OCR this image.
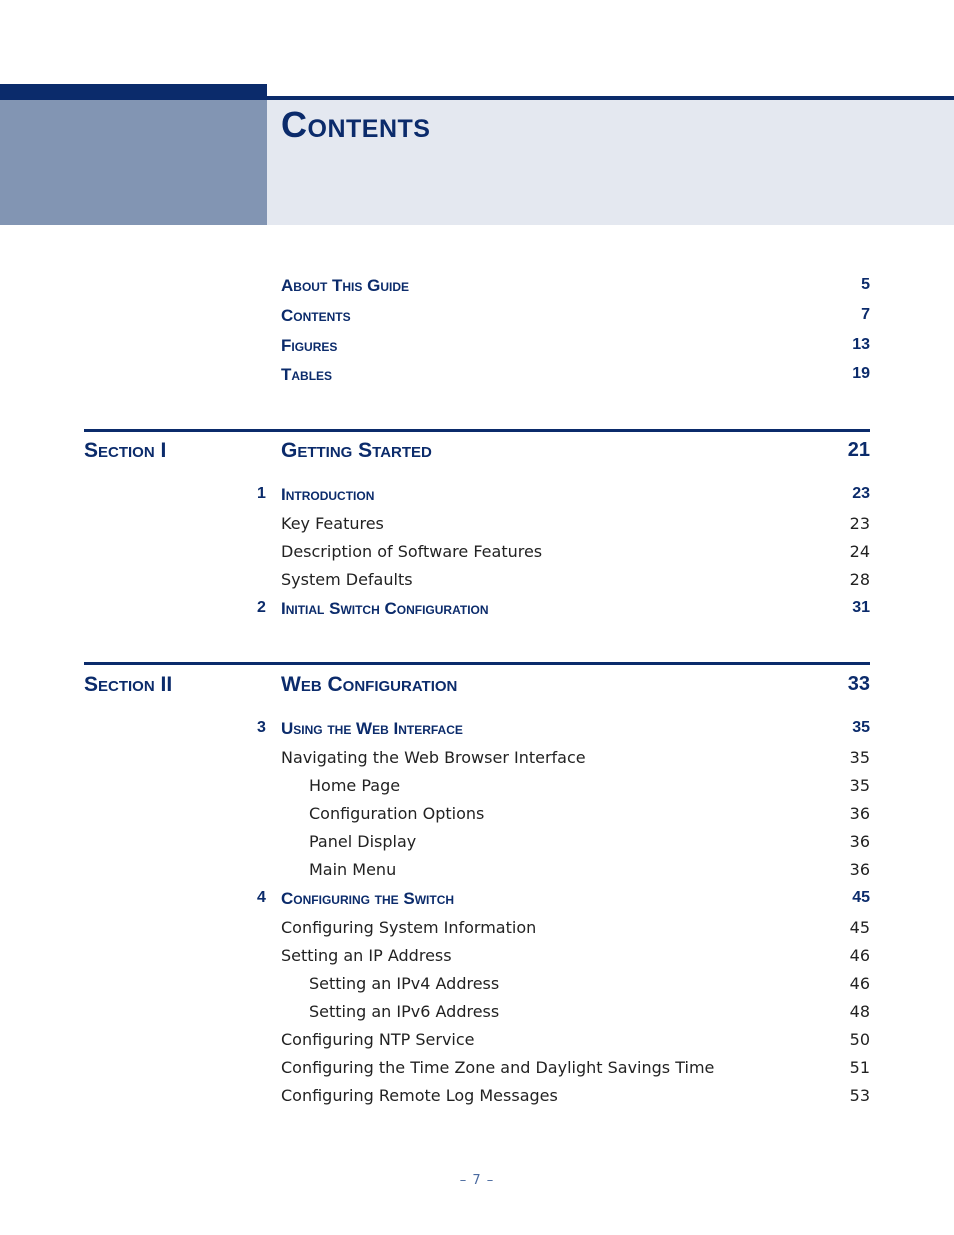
Contents
About This Guide	5
Contents	7
Figures	13
Tables	19
Section I	Getting Started	21
1 Introduction	23
Key Features	23
Description of Software Features	24
System Defaults	28
2 Initial Switch Configuration	31
Section II	Web Configuration	33
3 Using the Web Interface	35
Navigating the Web Browser Interface	35
Home Page	35
Configuration Options	36
Panel Display	36
Main Menu	36
4 Configuring the Switch	45
Configuring System Information	45
Setting an IP Address	46
Setting an IPv4 Address	46
Setting an IPv6 Address	48
Configuring NTP Service	50
Configuring the Time Zone and Daylight Savings Time	51
Configuring Remote Log Messages	53
– 7 –
